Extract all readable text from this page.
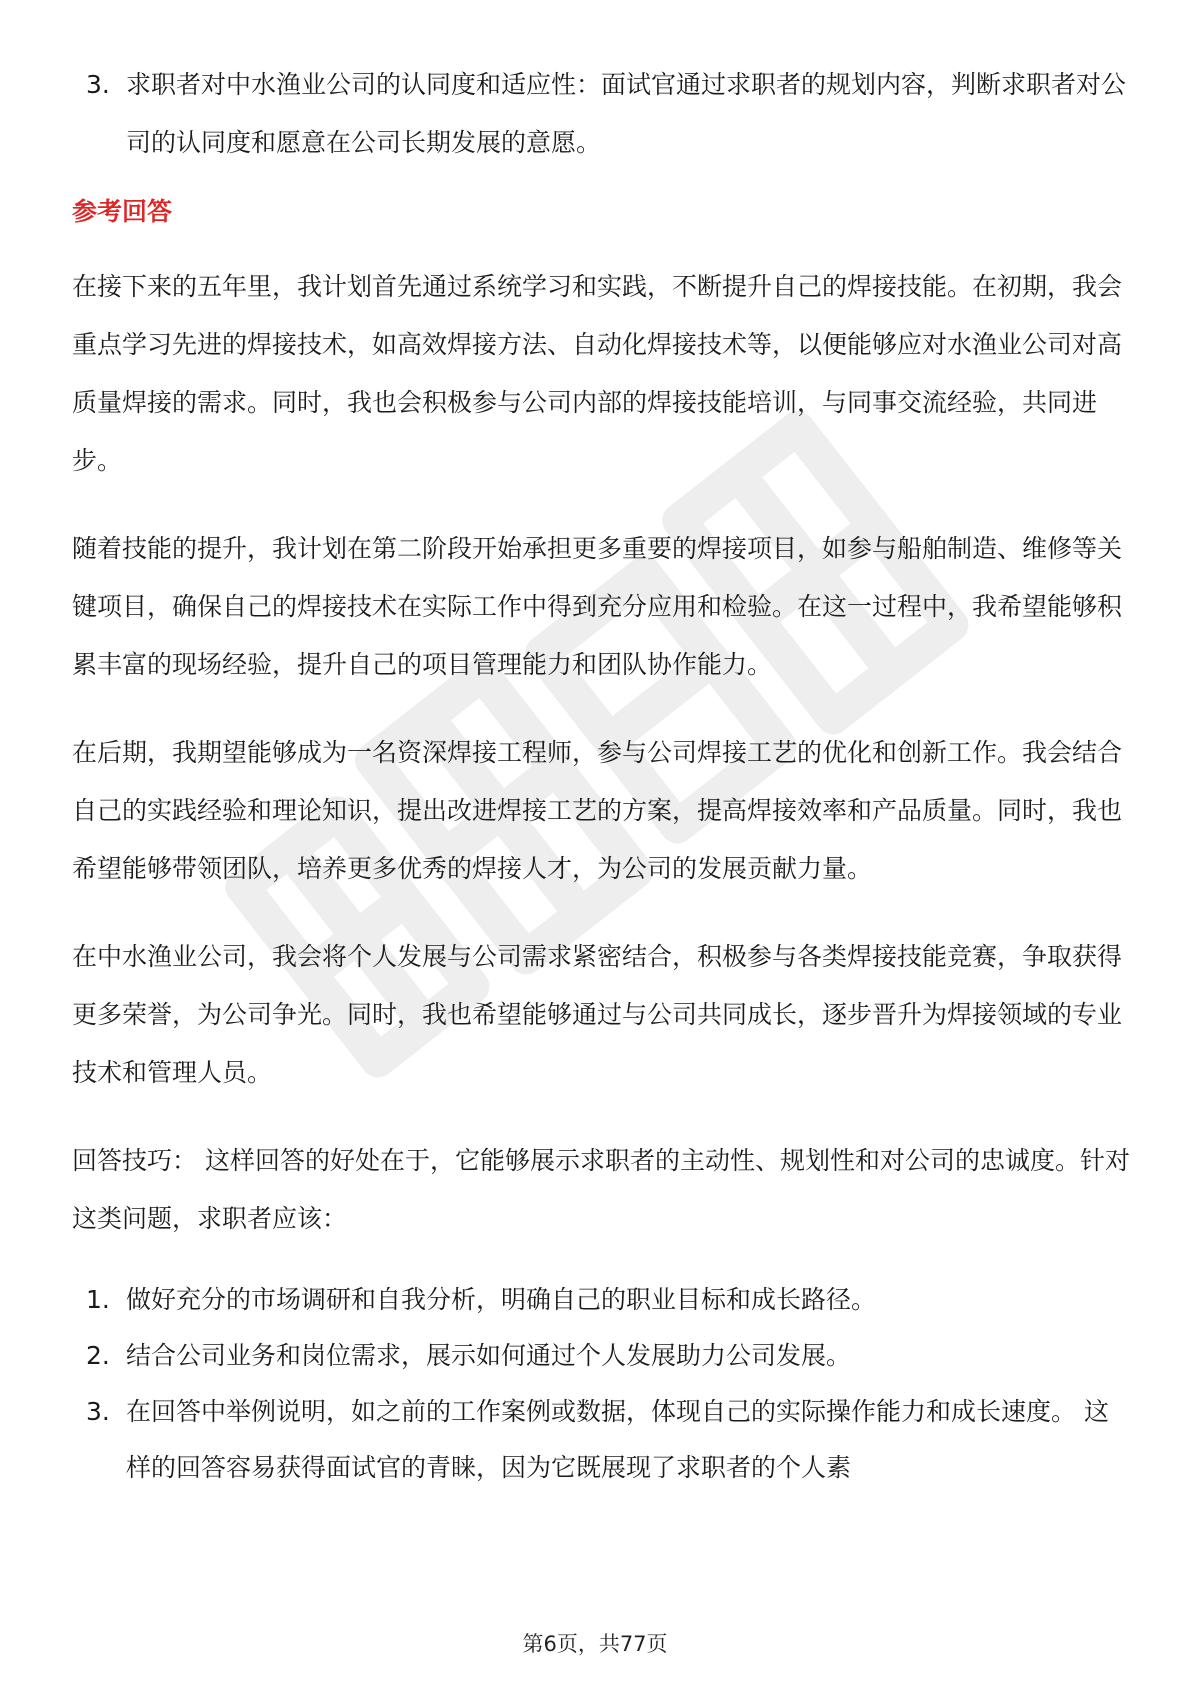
3. 求职者对中水渔业公司的认同度和适应性：面试官通过求职者的规划内容，判断求职者对公司的认同度和愿意在公司长期发展的意愿。
参考回答

在接下来的五年里，我计划首先通过系统学习和实践，不断提升自己的焊接技能。在初期，我会重点学习先进的焊接技术，如高效焊接方法、自动化焊接技术等，以便能够应对水渔业公司对高质量焊接的需求。同时，我也会积极参与公司内部的焊接技能培训，与同事交流经验，共同进步。

随着技能的提升，我计划在第二阶段开始承担更多重要的焊接项目，如参与船舶制造、维修等关键项目，确保自己的焊接技术在实际工作中得到充分应用和检验。在这一过程中，我希望能够积累丰富的现场经验，提升自己的项目管理能力和团队协作能力。

在后期，我期望能够成为一名资深焊接工程师，参与公司焊接工艺的优化和创新工作。我会结合自己的实践经验和理论知识，提出改进焊接工艺的方案，提高焊接效率和产品质量。同时，我也希望能够带领团队，培养更多优秀的焊接人才，为公司的发展贡献力量。

在中水渔业公司，我会将个人发展与公司需求紧密结合，积极参与各类焊接技能竞赛，争取获得更多荣誉，为公司争光。同时，我也希望能够通过与公司共同成长，逐步晋升为焊接领域的专业技术和管理人员。

回答技巧： 这样回答的好处在于，它能够展示求职者的主动性、规划性和对公司的忠诚度。针对这类问题，求职者应该：

1. 做好充分的市场调研和自我分析，明确自己的职业目标和成长路径。
2. 结合公司业务和岗位需求，展示如何通过个人发展助力公司发展。
3. 在回答中举例说明，如之前的工作案例或数据，体现自己的实际操作能力和成长速度。 这样的回答容易获得面试官的青睐，因为它既展现了求职者的个人素
第6页，共77页
